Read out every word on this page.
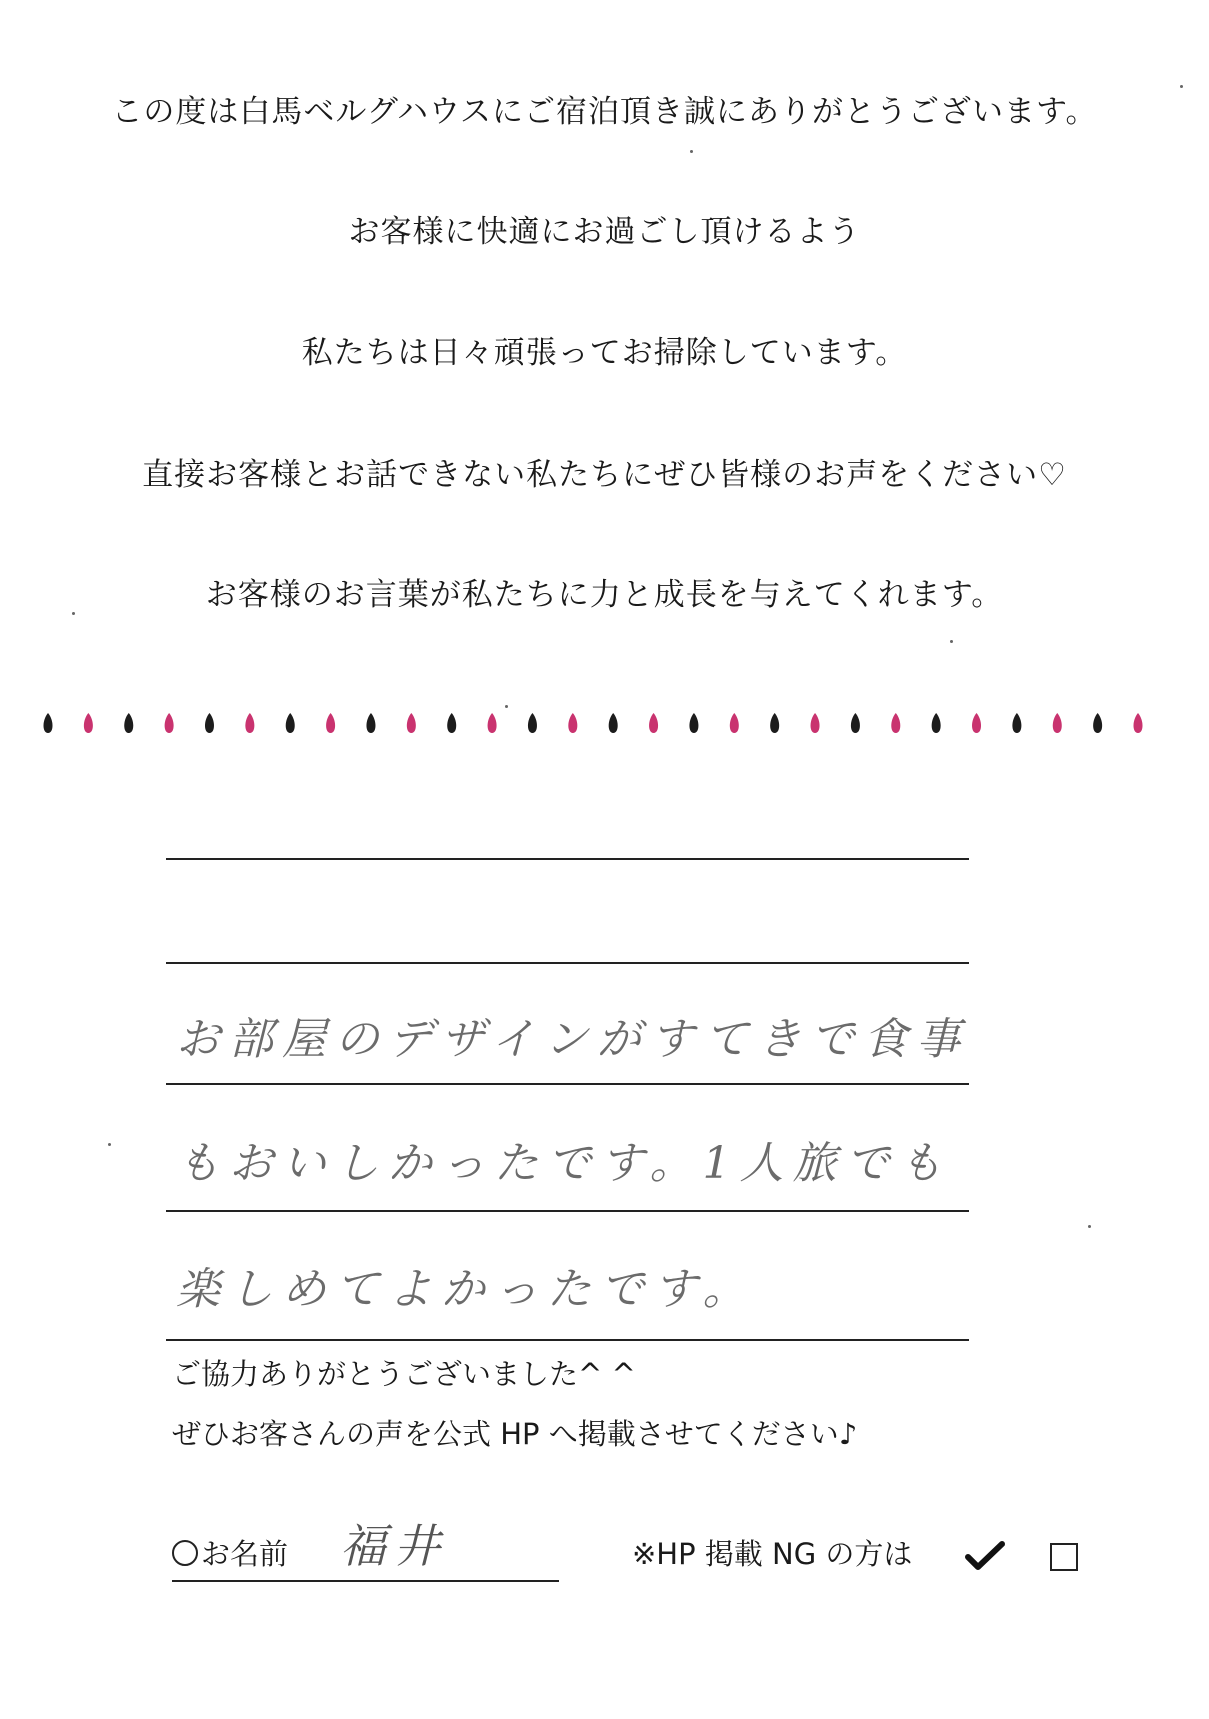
この度は白馬ベルグハウスにご宿泊頂き誠にありがとうございます。
お客様に快適にお過ごし頂けるよう
私たちは日々頑張ってお掃除しています。
直接お客様とお話できない私たちにぜひ皆様のお声をください♡
お客様のお言葉が私たちに力と成長を与えてくれます。
お部屋のデザインがすてきで食事
もおいしかったです。1人旅でも
楽しめてよかったです。
ご協力ありがとうございました^ ^
ぜひお客さんの声を公式 HP へ掲載させてください♪
お名前 福井	※HP 掲載 NG の方は
